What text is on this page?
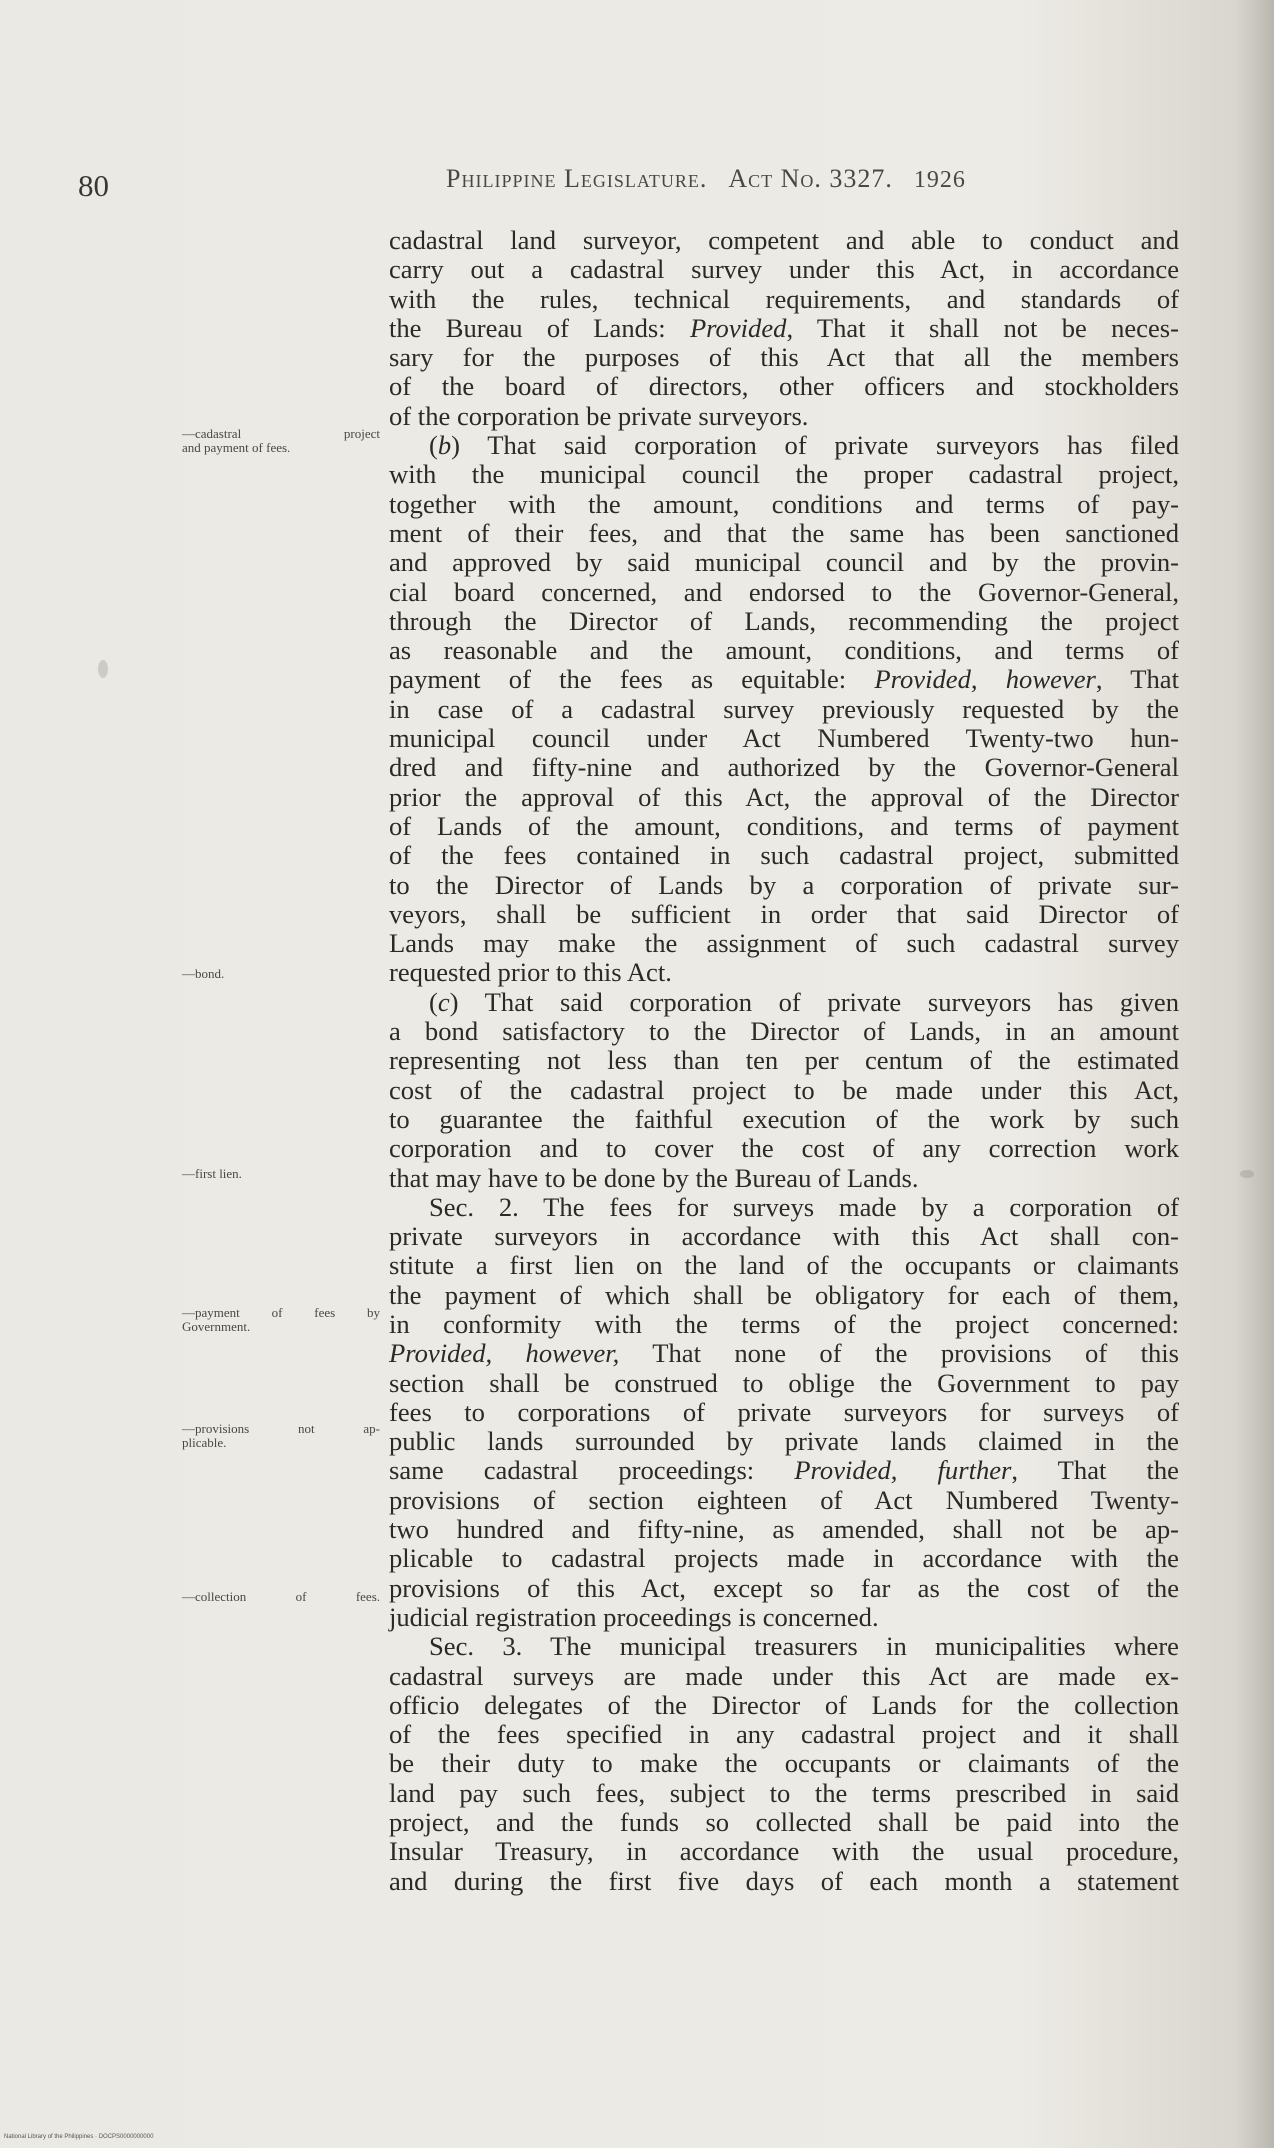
80	Philippine Legislature. Act No. 3327. 1926
—cadastral project
and payment of fees.
—bond.
—first lien.
—payment of fees by
Government.
—provisions not ap-
plicable.
—collection of fees.
cadastral land surveyor, competent and able to conduct and
carry out a cadastral survey under this Act, in accordance
with the rules, technical requirements, and standards of
the Bureau of Lands: Provided, That it shall not be neces-
sary for the purposes of this Act that all the members
of the board of directors, other officers and stockholders
of the corporation be private surveyors.
(b) That said corporation of private surveyors has filed
with the municipal council the proper cadastral project,
together with the amount, conditions and terms of pay-
ment of their fees, and that the same has been sanctioned
and approved by said municipal council and by the provin-
cial board concerned, and endorsed to the Governor-General,
through the Director of Lands, recommending the project
as reasonable and the amount, conditions, and terms of
payment of the fees as equitable: Provided, however, That
in case of a cadastral survey previously requested by the
municipal council under Act Numbered Twenty-two hun-
dred and fifty-nine and authorized by the Governor-General
prior the approval of this Act, the approval of the Director
of Lands of the amount, conditions, and terms of payment
of the fees contained in such cadastral project, submitted
to the Director of Lands by a corporation of private sur-
veyors, shall be sufficient in order that said Director of
Lands may make the assignment of such cadastral survey
requested prior to this Act.
(c) That said corporation of private surveyors has given
a bond satisfactory to the Director of Lands, in an amount
representing not less than ten per centum of the estimated
cost of the cadastral project to be made under this Act,
to guarantee the faithful execution of the work by such
corporation and to cover the cost of any correction work
that may have to be done by the Bureau of Lands.
Sec. 2. The fees for surveys made by a corporation of
private surveyors in accordance with this Act shall con-
stitute a first lien on the land of the occupants or claimants
the payment of which shall be obligatory for each of them,
in conformity with the terms of the project concerned:
Provided, however, That none of the provisions of this
section shall be construed to oblige the Government to pay
fees to corporations of private surveyors for surveys of
public lands surrounded by private lands claimed in the
same cadastral proceedings: Provided, further, That the
provisions of section eighteen of Act Numbered Twenty-
two hundred and fifty-nine, as amended, shall not be ap-
plicable to cadastral projects made in accordance with the
provisions of this Act, except so far as the cost of the
judicial registration proceedings is concerned.
Sec. 3. The municipal treasurers in municipalities where
cadastral surveys are made under this Act are made ex-
officio delegates of the Director of Lands for the collection
of the fees specified in any cadastral project and it shall
be their duty to make the occupants or claimants of the
land pay such fees, subject to the terms prescribed in said
project, and the funds so collected shall be paid into the
Insular Treasury, in accordance with the usual procedure,
and during the first five days of each month a statement
National Library of the Philippines · DOCPS0000000000
